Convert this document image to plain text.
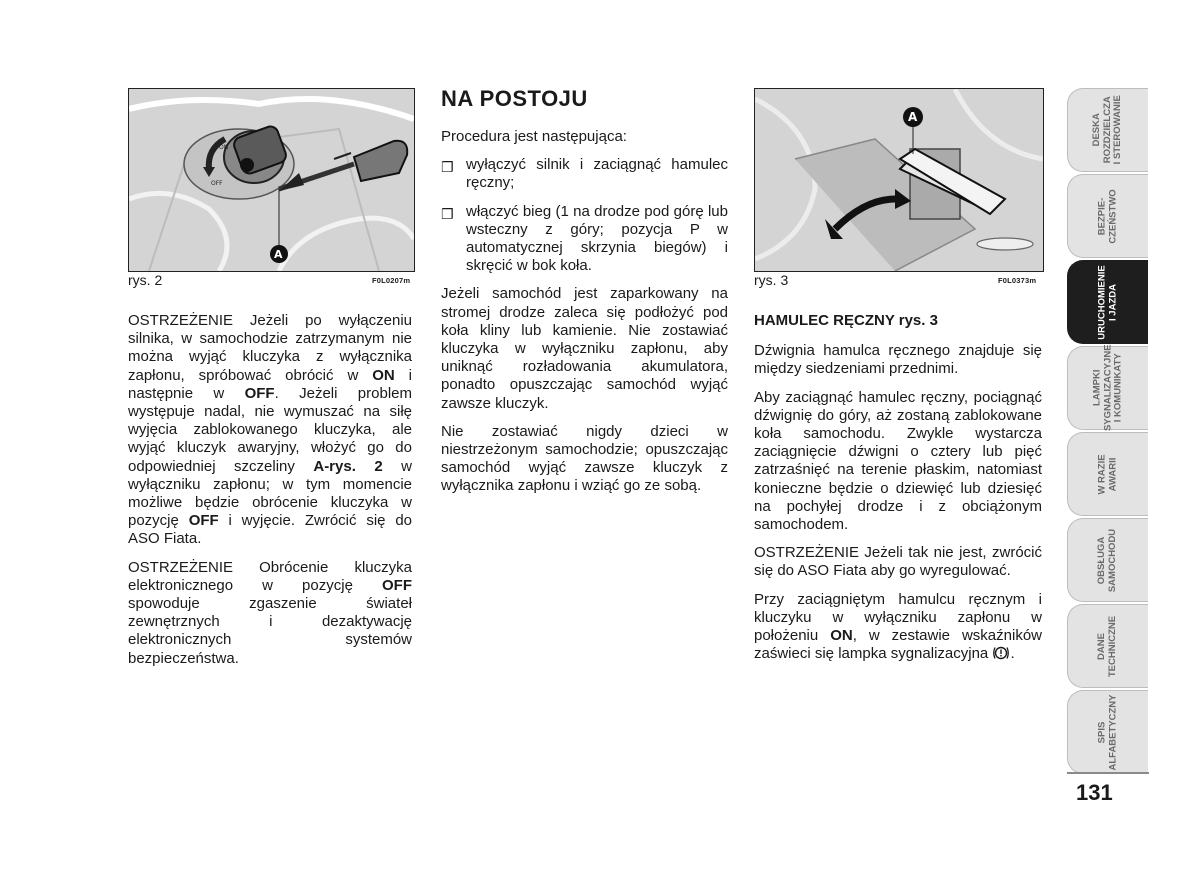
ON
OFF
A
rys. 2	F0L0207m
A
rys. 3	F0L0373m

OSTRZEŻENIE Jeżeli po wyłączeniu silnika, w samochodzie zatrzymanym nie można wyjąć kluczyka z wyłącznika zapłonu, spróbować obrócić w ON i następnie w OFF. Jeżeli problem występuje nadal, nie wymuszać na siłę wyjęcia zablokowanego kluczyka, ale wyjąć kluczyk awaryjny, włożyć go do odpowiedniej szczeliny A-rys. 2 w wyłączniku zapłonu; w tym momencie możliwe będzie obrócenie kluczyka w pozycję OFF i wyjęcie. Zwrócić się do ASO Fiata.

OSTRZEŻENIE Obrócenie kluczyka elektronicznego w pozycję OFF spowoduje zgaszenie świateł zewnętrznych i dezaktywację elektronicznych systemów bezpieczeństwa.

NA POSTOJU

Procedura jest następująca:

❒ wyłączyć silnik i zaciągnąć hamulec ręczny;
❒ włączyć bieg (1 na drodze pod górę lub wsteczny z góry; pozycja P w automatycznej skrzynia biegów) i skręcić w bok koła.

Jeżeli samochód jest zaparkowany na stromej drodze zaleca się podłożyć pod koła kliny lub kamienie. Nie zostawiać kluczyka w wyłączniku zapłonu, aby uniknąć rozładowania akumulatora, ponadto opuszczając samochód wyjąć zawsze kluczyk.

Nie zostawiać nigdy dzieci w niestrzeżonym samochodzie; opuszczając samochód wyjąć zawsze kluczyk z wyłącznika zapłonu i wziąć go ze sobą.

HAMULEC RĘCZNY rys. 3

Dźwignia hamulca ręcznego znajduje się między siedzeniami przednimi.

Aby zaciągnąć hamulec ręczny, pociągnąć dźwignię do góry, aż zostaną zablokowane koła samochodu. Zwykle wystarcza zaciągnięcie dźwigni o cztery lub pięć zatrzaśnięć na terenie płaskim, natomiast konieczne będzie o dziewięć lub dziesięć na pochyłej drodze i z obciążonym samochodem.

OSTRZEŻENIE Jeżeli tak nie jest, zwrócić się do ASO Fiata aby go wyregulować.

Przy zaciągniętym hamulcu ręcznym i kluczyku w wyłączniku zapłonu w położeniu ON, w zestawie wskaźników zaświeci się lampka sygnalizacyjna .

DESKA ROZDZIELCZA I STEROWANIE
BEZPIE- CZEŃSTWO
URUCHOMIENIE I JAZDA
LAMPKI SYGNALIZACYJNE I KOMUNIKATY
W RAZIE AWARII
OBSŁUGA SAMOCHODU
DANE TECHNICZNE
SPIS ALFABETYCZNY
131
